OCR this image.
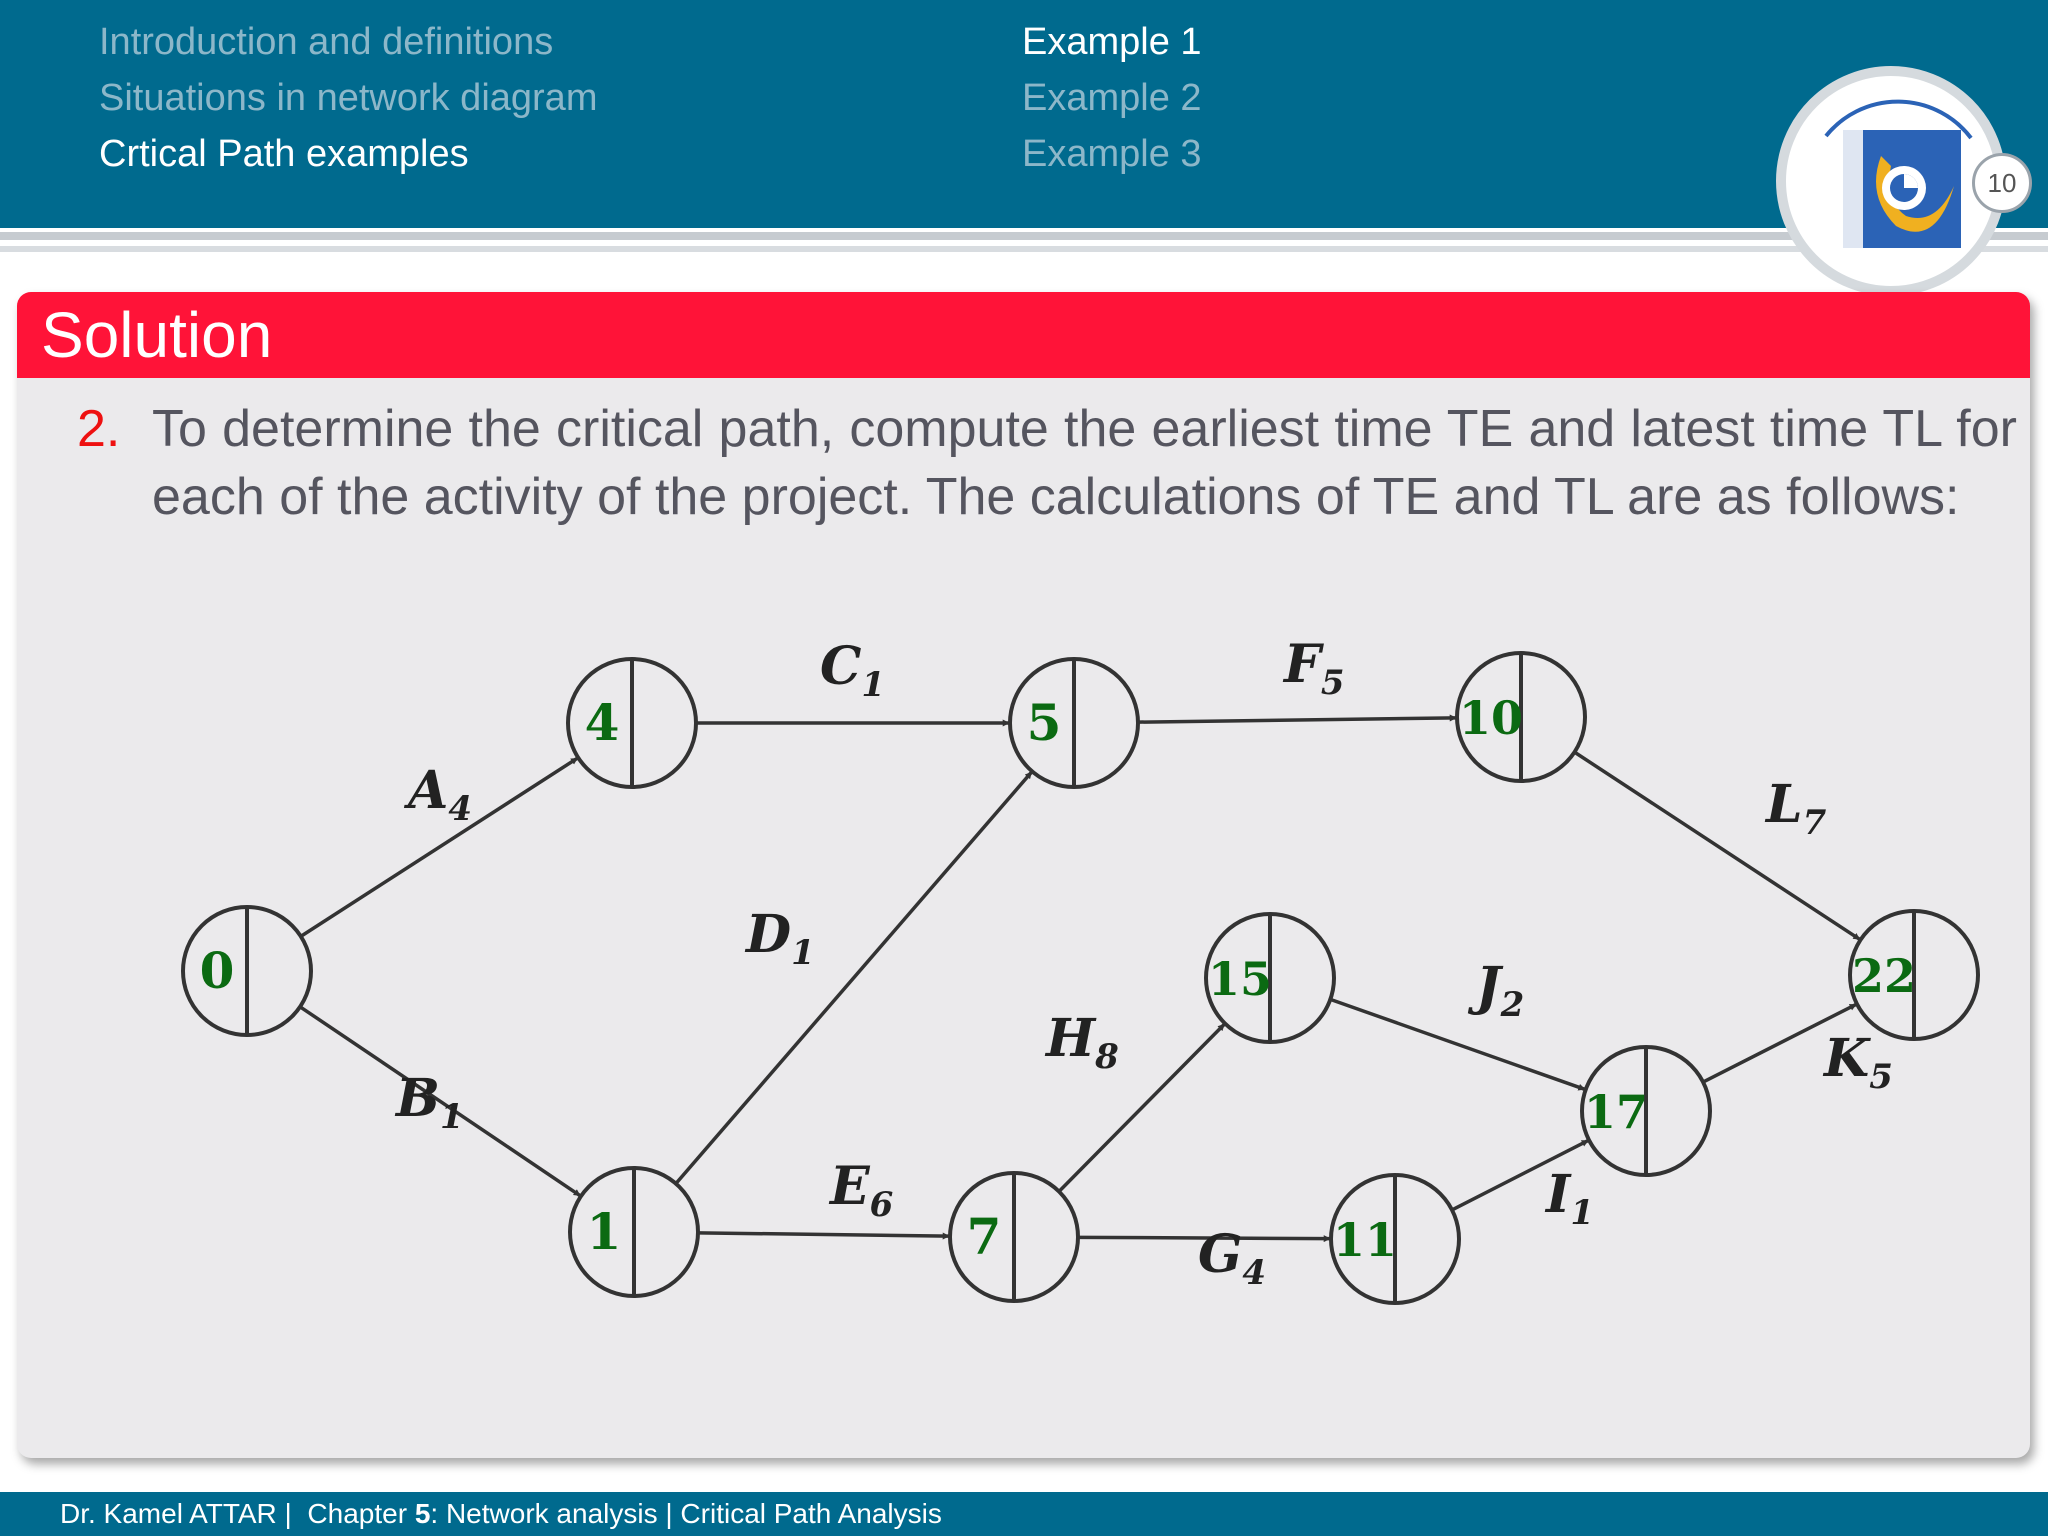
Introduction and definitions
Situations in network diagram
Crtical Path examples
Example 1
Example 2
Example 3
10
Solution
2. To determine the critical path, compute the earliest time TE and latest time TL for each of the activity of the project. The calculations of TE and TL are as follows:
0
4
1
5
7
10
15
11
17
22
$A_4$
$B_1$
$C_1$
$D_1$
$E_6$
$F_5$
$G_4$
$H_8$
$I_1$
$J_2$
$K_5$
$L_7$
Dr. Kamel ATTAR |  Chapter 5: Network analysis | Critical Path Analysis
